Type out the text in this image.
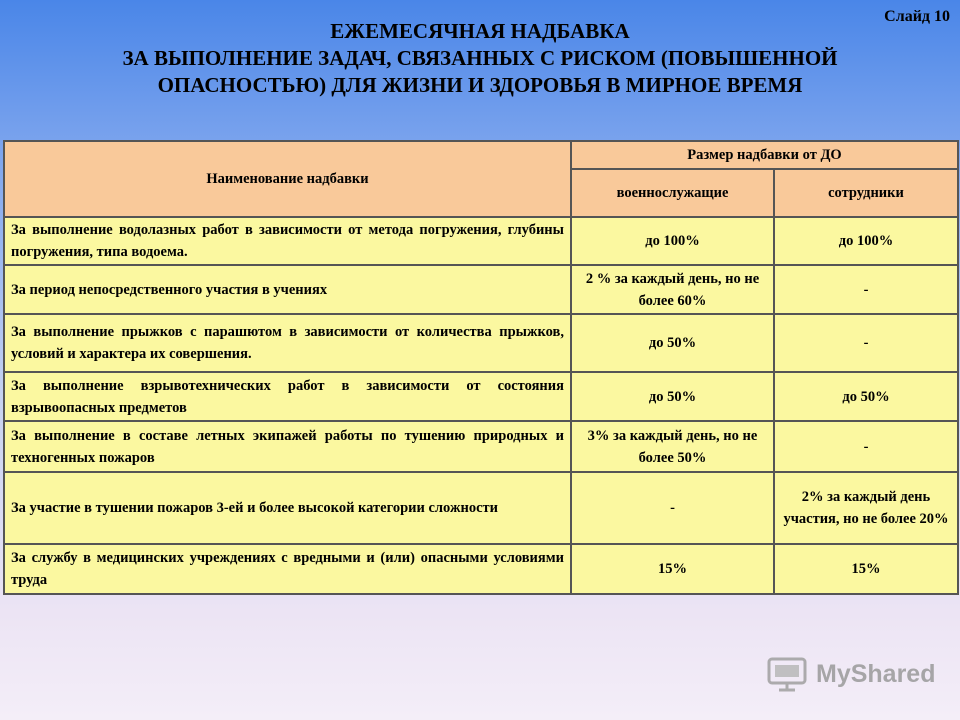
Слайд 10
ЕЖЕМЕСЯЧНАЯ НАДБАВКА
ЗА ВЫПОЛНЕНИЕ ЗАДАЧ, СВЯЗАННЫХ С РИСКОМ (ПОВЫШЕННОЙ
ОПАСНОСТЬЮ) ДЛЯ ЖИЗНИ И ЗДОРОВЬЯ В МИРНОЕ ВРЕМЯ
Наименование надбавки	Размер надбавки от ДО	
	военнослужащие	сотрудники
За выполнение водолазных работ в зависимости от метода погружения, глубины погружения, типа водоема.	до 100%	до 100%
За период непосредственного участия в учениях	2 % за каждый день, но не более 60%	-
За выполнение прыжков с парашютом в зависимости от количества прыжков, условий и характера их совершения.	до 50%	-
За выполнение взрывотехнических работ в зависимости от состояния взрывоопасных предметов	до 50%	до 50%
За выполнение в составе летных экипажей работы по тушению природных и техногенных пожаров	3% за каждый день, но не более 50%	-
За участие в тушении пожаров 3-ей и более высокой категории сложности	-	2% за каждый день участия, но не более 20%
За службу в медицинских учреждениях с вредными и (или) опасными условиями труда	15%	15%
MyShared
